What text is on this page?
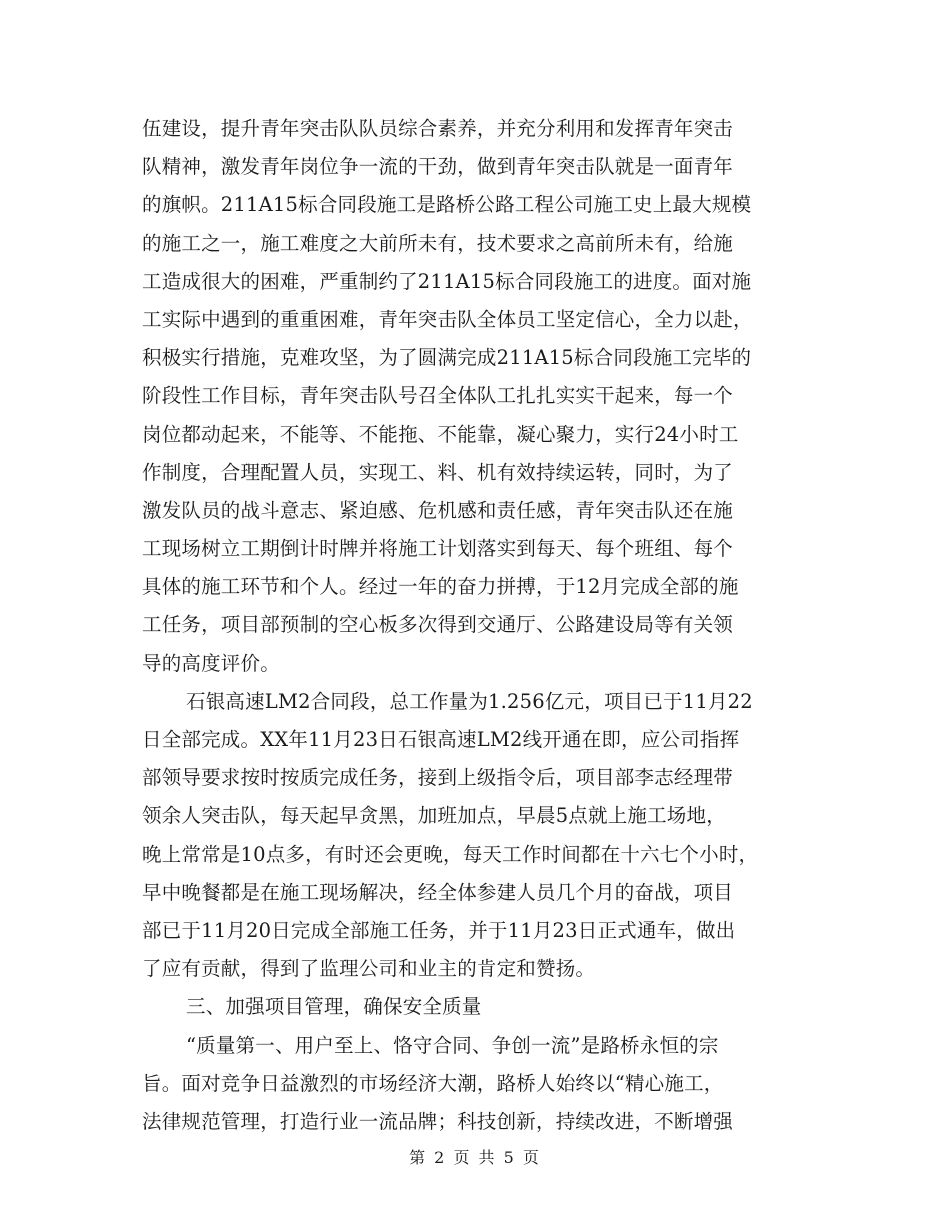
伍建设，提升青年突击队队员综合素养，并充分利用和发挥青年突击
队精神，激发青年岗位争一流的干劲，做到青年突击队就是一面青年
的旗帜。211A15标合同段施工是路桥公路工程公司施工史上最大规模
的施工之一，施工难度之大前所未有，技术要求之高前所未有，给施
工造成很大的困难，严重制约了211A15标合同段施工的进度。面对施
工实际中遇到的重重困难，青年突击队全体员工坚定信心，全力以赴，
积极实行措施，克难攻坚，为了圆满完成211A15标合同段施工完毕的
阶段性工作目标，青年突击队号召全体队工扎扎实实干起来，每一个
岗位都动起来，不能等、不能拖、不能靠，凝心聚力，实行24小时工
作制度，合理配置人员，实现工、料、机有效持续运转，同时，为了
激发队员的战斗意志、紧迫感、危机感和责任感，青年突击队还在施
工现场树立工期倒计时牌并将施工计划落实到每天、每个班组、每个
具体的施工环节和个人。经过一年的奋力拼搏，于12月完成全部的施
工任务，项目部预制的空心板多次得到交通厅、公路建设局等有关领
导的高度评价。
石银高速LM2合同段，总工作量为1.256亿元，项目已于11月22
日全部完成。XX年11月23日石银高速LM2线开通在即，应公司指挥
部领导要求按时按质完成任务，接到上级指令后，项目部李志经理带
领余人突击队，每天起早贪黑，加班加点，早晨5点就上施工场地，
晚上常常是10点多，有时还会更晚，每天工作时间都在十六七个小时，
早中晚餐都是在施工现场解决，经全体参建人员几个月的奋战，项目
部已于11月20日完成全部施工任务，并于11月23日正式通车，做出
了应有贡献，得到了监理公司和业主的肯定和赞扬。
三、加强项目管理，确保安全质量
“质量第一、用户至上、恪守合同、争创一流”是路桥永恒的宗
旨。面对竞争日益激烈的市场经济大潮，路桥人始终以“精心施工，
法律规范管理，打造行业一流品牌；科技创新，持续改进，不断增强
第 2 页 共 5 页
